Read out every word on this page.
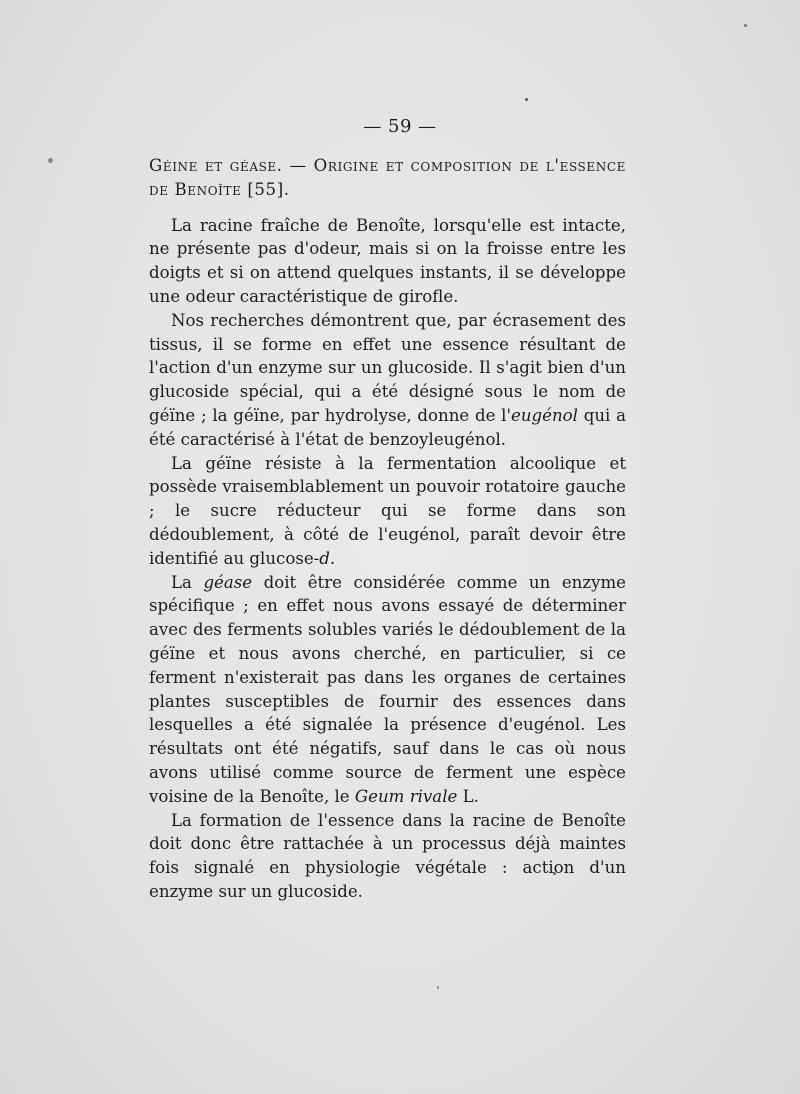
— 59 —

Géine et géase. — Origine et composition de l'essence de Benoîte [55].

La racine fraîche de Benoîte, lorsqu'elle est intacte, ne présente pas d'odeur, mais si on la froisse entre les doigts et si on attend quelques instants, il se développe une odeur caractéristique de girofle.

Nos recherches démontrent que, par écrasement des tissus, il se forme en effet une essence résultant de l'action d'un enzyme sur un glucoside. Il s'agit bien d'un glucoside spécial, qui a été désigné sous le nom de géïne ; la géïne, par hydrolyse, donne de l'eugénol qui a été caractérisé à l'état de benzoyleugénol.

La géïne résiste à la fermentation alcoolique et possède vraisemblablement un pouvoir rotatoire gauche ; le sucre réducteur qui se forme dans son dédoublement, à côté de l'eugénol, paraît devoir être identifié au glucose-d.

La géase doit être considérée comme un enzyme spécifique ; en effet nous avons essayé de déterminer avec des ferments solubles variés le dédoublement de la géïne et nous avons cherché, en particulier, si ce ferment n'existerait pas dans les organes de certaines plantes susceptibles de fournir des essences dans lesquelles a été signalée la présence d'eugénol. Les résultats ont été négatifs, sauf dans le cas où nous avons utilisé comme source de ferment une espèce voisine de la Benoîte, le Geum rivale L.

La formation de l'essence dans la racine de Benoîte doit donc être rattachée à un processus déjà maintes fois signalé en physiologie végétale : action d'un enzyme sur un glucoside.
